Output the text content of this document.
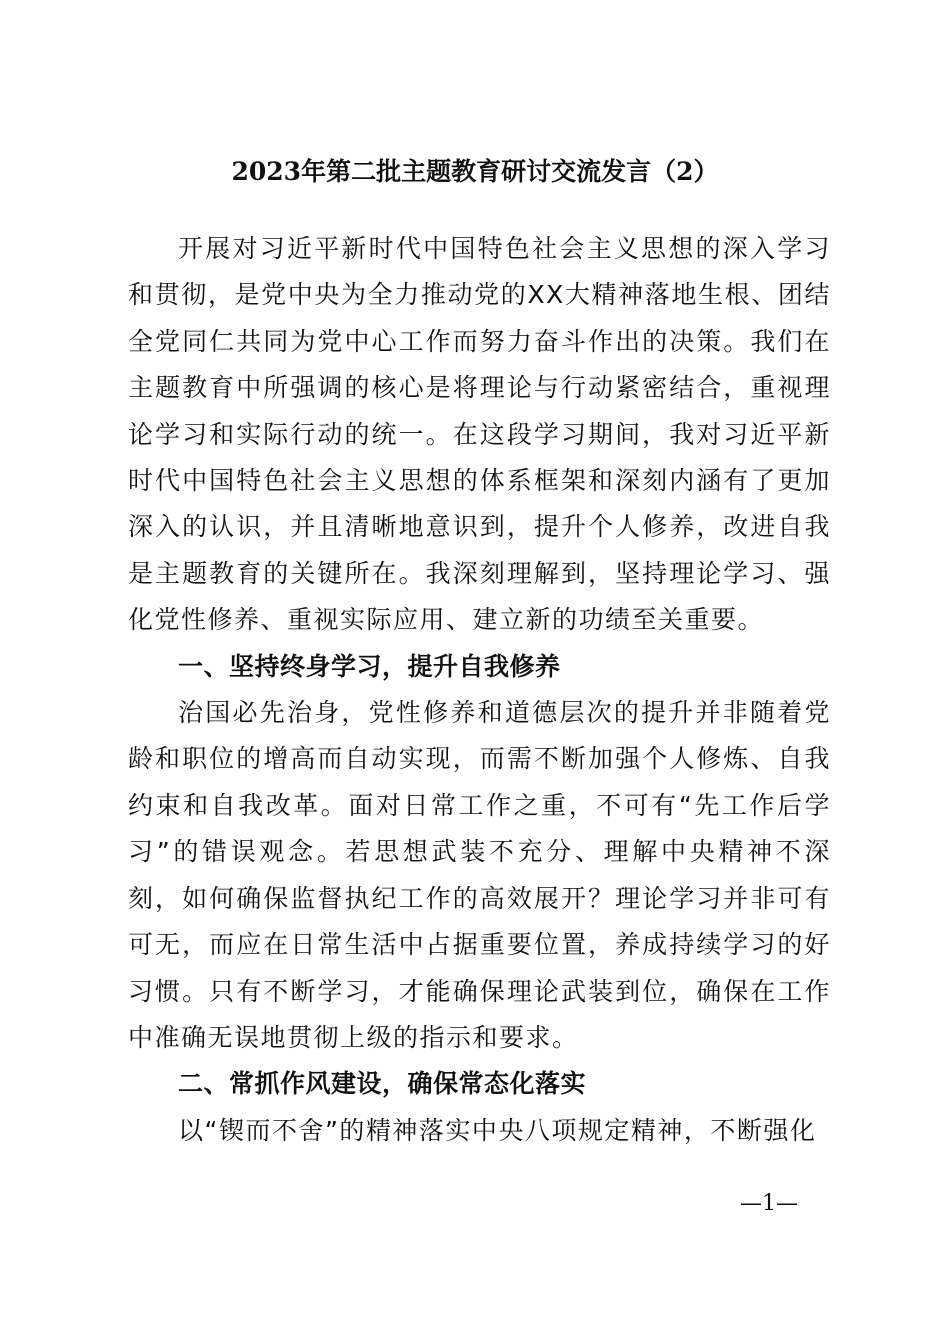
2023年第二批主题教育研讨交流发言（2）

开展对习近平新时代中国特色社会主义思想的深入学习和贯彻，是党中央为全力推动党的XX大精神落地生根、团结全党同仁共同为党中心工作而努力奋斗作出的决策。我们在主题教育中所强调的核心是将理论与行动紧密结合，重视理论学习和实际行动的统一。在这段学习期间，我对习近平新时代中国特色社会主义思想的体系框架和深刻内涵有了更加深入的认识，并且清晰地意识到，提升个人修养，改进自我是主题教育的关键所在。我深刻理解到，坚持理论学习、强化党性修养、重视实际应用、建立新的功绩至关重要。

一、坚持终身学习，提升自我修养

治国必先治身，党性修养和道德层次的提升并非随着党龄和职位的增高而自动实现，而需不断加强个人修炼、自我约束和自我改革。面对日常工作之重，不可有“先工作后学习”的错误观念。若思想武装不充分、理解中央精神不深刻，如何确保监督执纪工作的高效展开？理论学习并非可有可无，而应在日常生活中占据重要位置，养成持续学习的好习惯。只有不断学习，才能确保理论武装到位，确保在工作中准确无误地贯彻上级的指示和要求。

二、常抓作风建设，确保常态化落实

以“锲而不舍”的精神落实中央八项规定精神，不断强化

—1—
